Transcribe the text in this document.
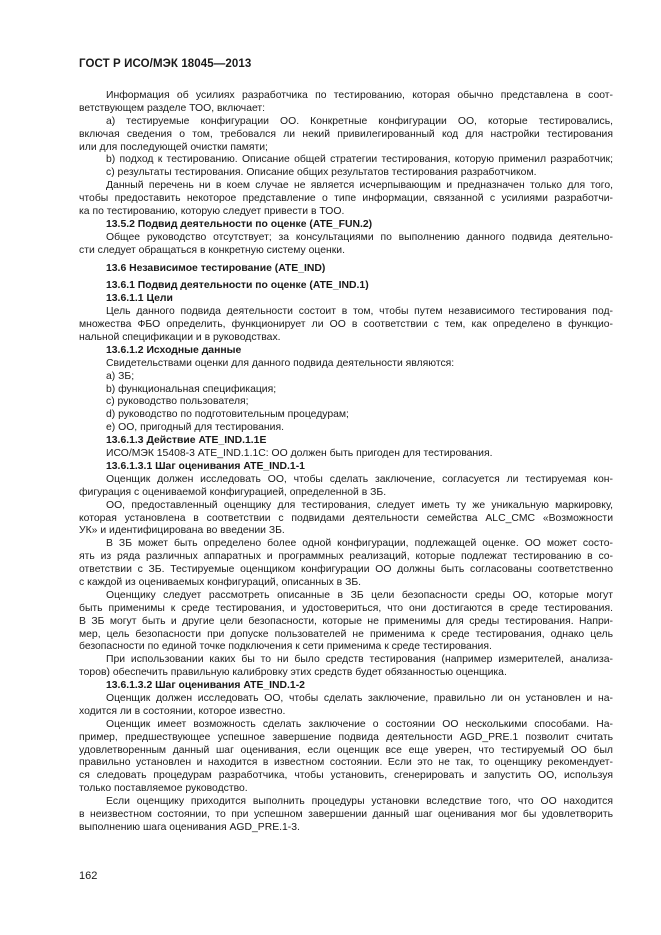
ГОСТ Р ИСО/МЭК 18045—2013
Информация об усилиях разработчика по тестированию, которая обычно представлена в соот-
ветствующем разделе ТОО, включает:
а) тестируемые конфигурации ОО. Конкретные конфигурации ОО, которые тестировались,
включая сведения о том, требовался ли некий привилегированный код для настройки тестирования
или для последующей очистки памяти;
b) подход к тестированию. Описание общей стратегии тестирования, которую применил разработчик;
c) результаты тестирования. Описание общих результатов тестирования разработчиком.
Данный перечень ни в коем случае не является исчерпывающим и предназначен только для того,
чтобы предоставить некоторое представление о типе информации, связанной с усилиями разработчи-
ка по тестированию, которую следует привести в ТОО.
13.5.2 Подвид деятельности по оценке (ATE_FUN.2)
Общее руководство отсутствует; за консультациями по выполнению данного подвида деятельно-
сти следует обращаться в конкретную систему оценки.
13.6 Независимое тестирование (ATE_IND)
13.6.1 Подвид деятельности по оценке (ATE_IND.1)
13.6.1.1 Цели
Цель данного подвида деятельности состоит в том, чтобы путем независимого тестирования под-
множества ФБО определить, функционирует ли ОО в соответствии с тем, как определено в функцио-
нальной спецификации и в руководствах.
13.6.1.2 Исходные данные
Свидетельствами оценки для данного подвида деятельности являются:
a) ЗБ;
b) функциональная спецификация;
c) руководство пользователя;
d) руководство по подготовительным процедурам;
e) ОО, пригодный для тестирования.
13.6.1.3 Действие ATE_IND.1.1E
ИСО/МЭК 15408-3 ATE_IND.1.1C: ОО должен быть пригоден для тестирования.
13.6.1.3.1 Шаг оценивания ATE_IND.1-1
Оценщик должен исследовать ОО, чтобы сделать заключение, согласуется ли тестируемая кон-
фигурация с оцениваемой конфигурацией, определенной в ЗБ.
ОО, предоставленный оценщику для тестирования, следует иметь ту же уникальную маркировку,
которая установлена в соответствии с подвидами деятельности семейства ALC_CMC «Возможности
УК» и идентифицирована во введении ЗБ.
В ЗБ может быть определено более одной конфигурации, подлежащей оценке. ОО может состо-
ять из ряда различных аппаратных и программных реализаций, которые подлежат тестированию в со-
ответствии с ЗБ. Тестируемые оценщиком конфигурации ОО должны быть согласованы соответственно
с каждой из оцениваемых конфигураций, описанных в ЗБ.
Оценщику следует рассмотреть описанные в ЗБ цели безопасности среды ОО, которые могут
быть применимы к среде тестирования, и удостовериться, что они достигаются в среде тестирования.
В ЗБ могут быть и другие цели безопасности, которые не применимы для среды тестирования. Напри-
мер, цель безопасности при допуске пользователей не применима к среде тестирования, однако цель
безопасности по единой точке подключения к сети применима к среде тестирования.
При использовании каких бы то ни было средств тестирования (например измерителей, анализа-
торов) обеспечить правильную калибровку этих средств будет обязанностью оценщика.
13.6.1.3.2 Шаг оценивания ATE_IND.1-2
Оценщик должен исследовать ОО, чтобы сделать заключение, правильно ли он установлен и на-
ходится ли в состоянии, которое известно.
Оценщик имеет возможность сделать заключение о состоянии ОО несколькими способами. На-
пример, предшествующее успешное завершение подвида деятельности AGD_PRE.1 позволит считать
удовлетворенным данный шаг оценивания, если оценщик все еще уверен, что тестируемый ОО был
правильно установлен и находится в известном состоянии. Если это не так, то оценщику рекомендует-
ся следовать процедурам разработчика, чтобы установить, сгенерировать и запустить ОО, используя
только поставляемое руководство.
Если оценщику приходится выполнить процедуры установки вследствие того, что ОО находится
в неизвестном состоянии, то при успешном завершении данный шаг оценивания мог бы удовлетворить
выполнению шага оценивания AGD_PRE.1-3.
162
